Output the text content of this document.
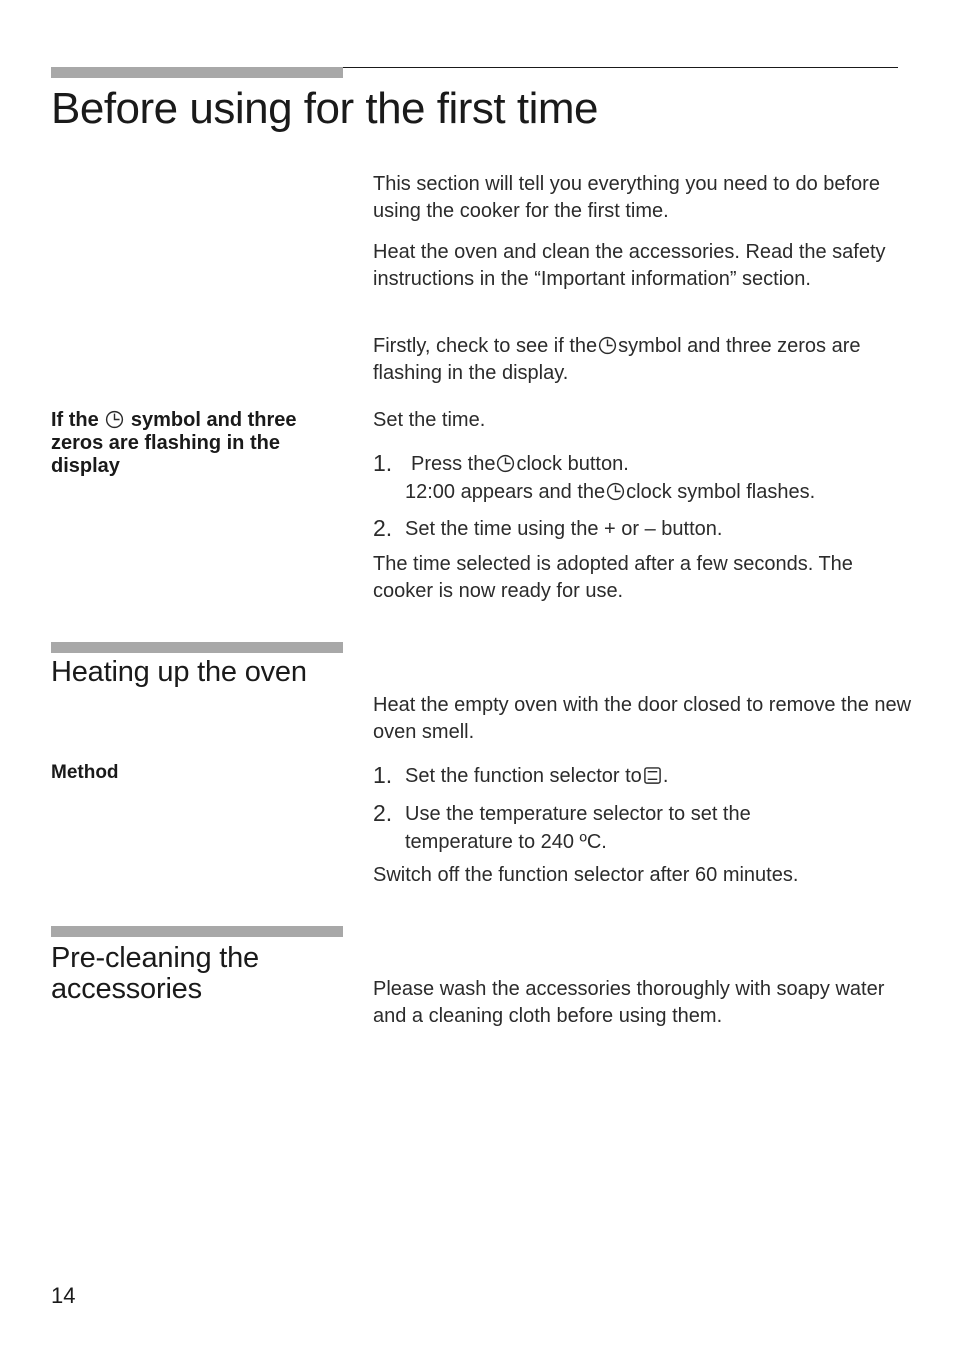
Before using for the first time
This section will tell you everything you need to do before using the cooker for the first time.
Heat the oven and clean the accessories. Read the safety instructions in the “Important information” section.
Firstly, check to see if the symbol and three zeros are flashing in the display.
If the symbol and three zeros are flashing in the display
Set the time.
1. Press the clock button.
12:00 appears and the clock symbol flashes.
2. Set the time using the + or – button.
The time selected is adopted after a few seconds. The cooker is now ready for use.
Heating up the oven
Heat the empty oven with the door closed to remove the new oven smell.
Method	1. Set the function selector to .
2. Use the temperature selector to set the temperature to 240 ºC.
Switch off the function selector after 60 minutes.
Pre-cleaning the accessories	Please wash the accessories thoroughly with soapy water and a cleaning cloth before using them.
14
